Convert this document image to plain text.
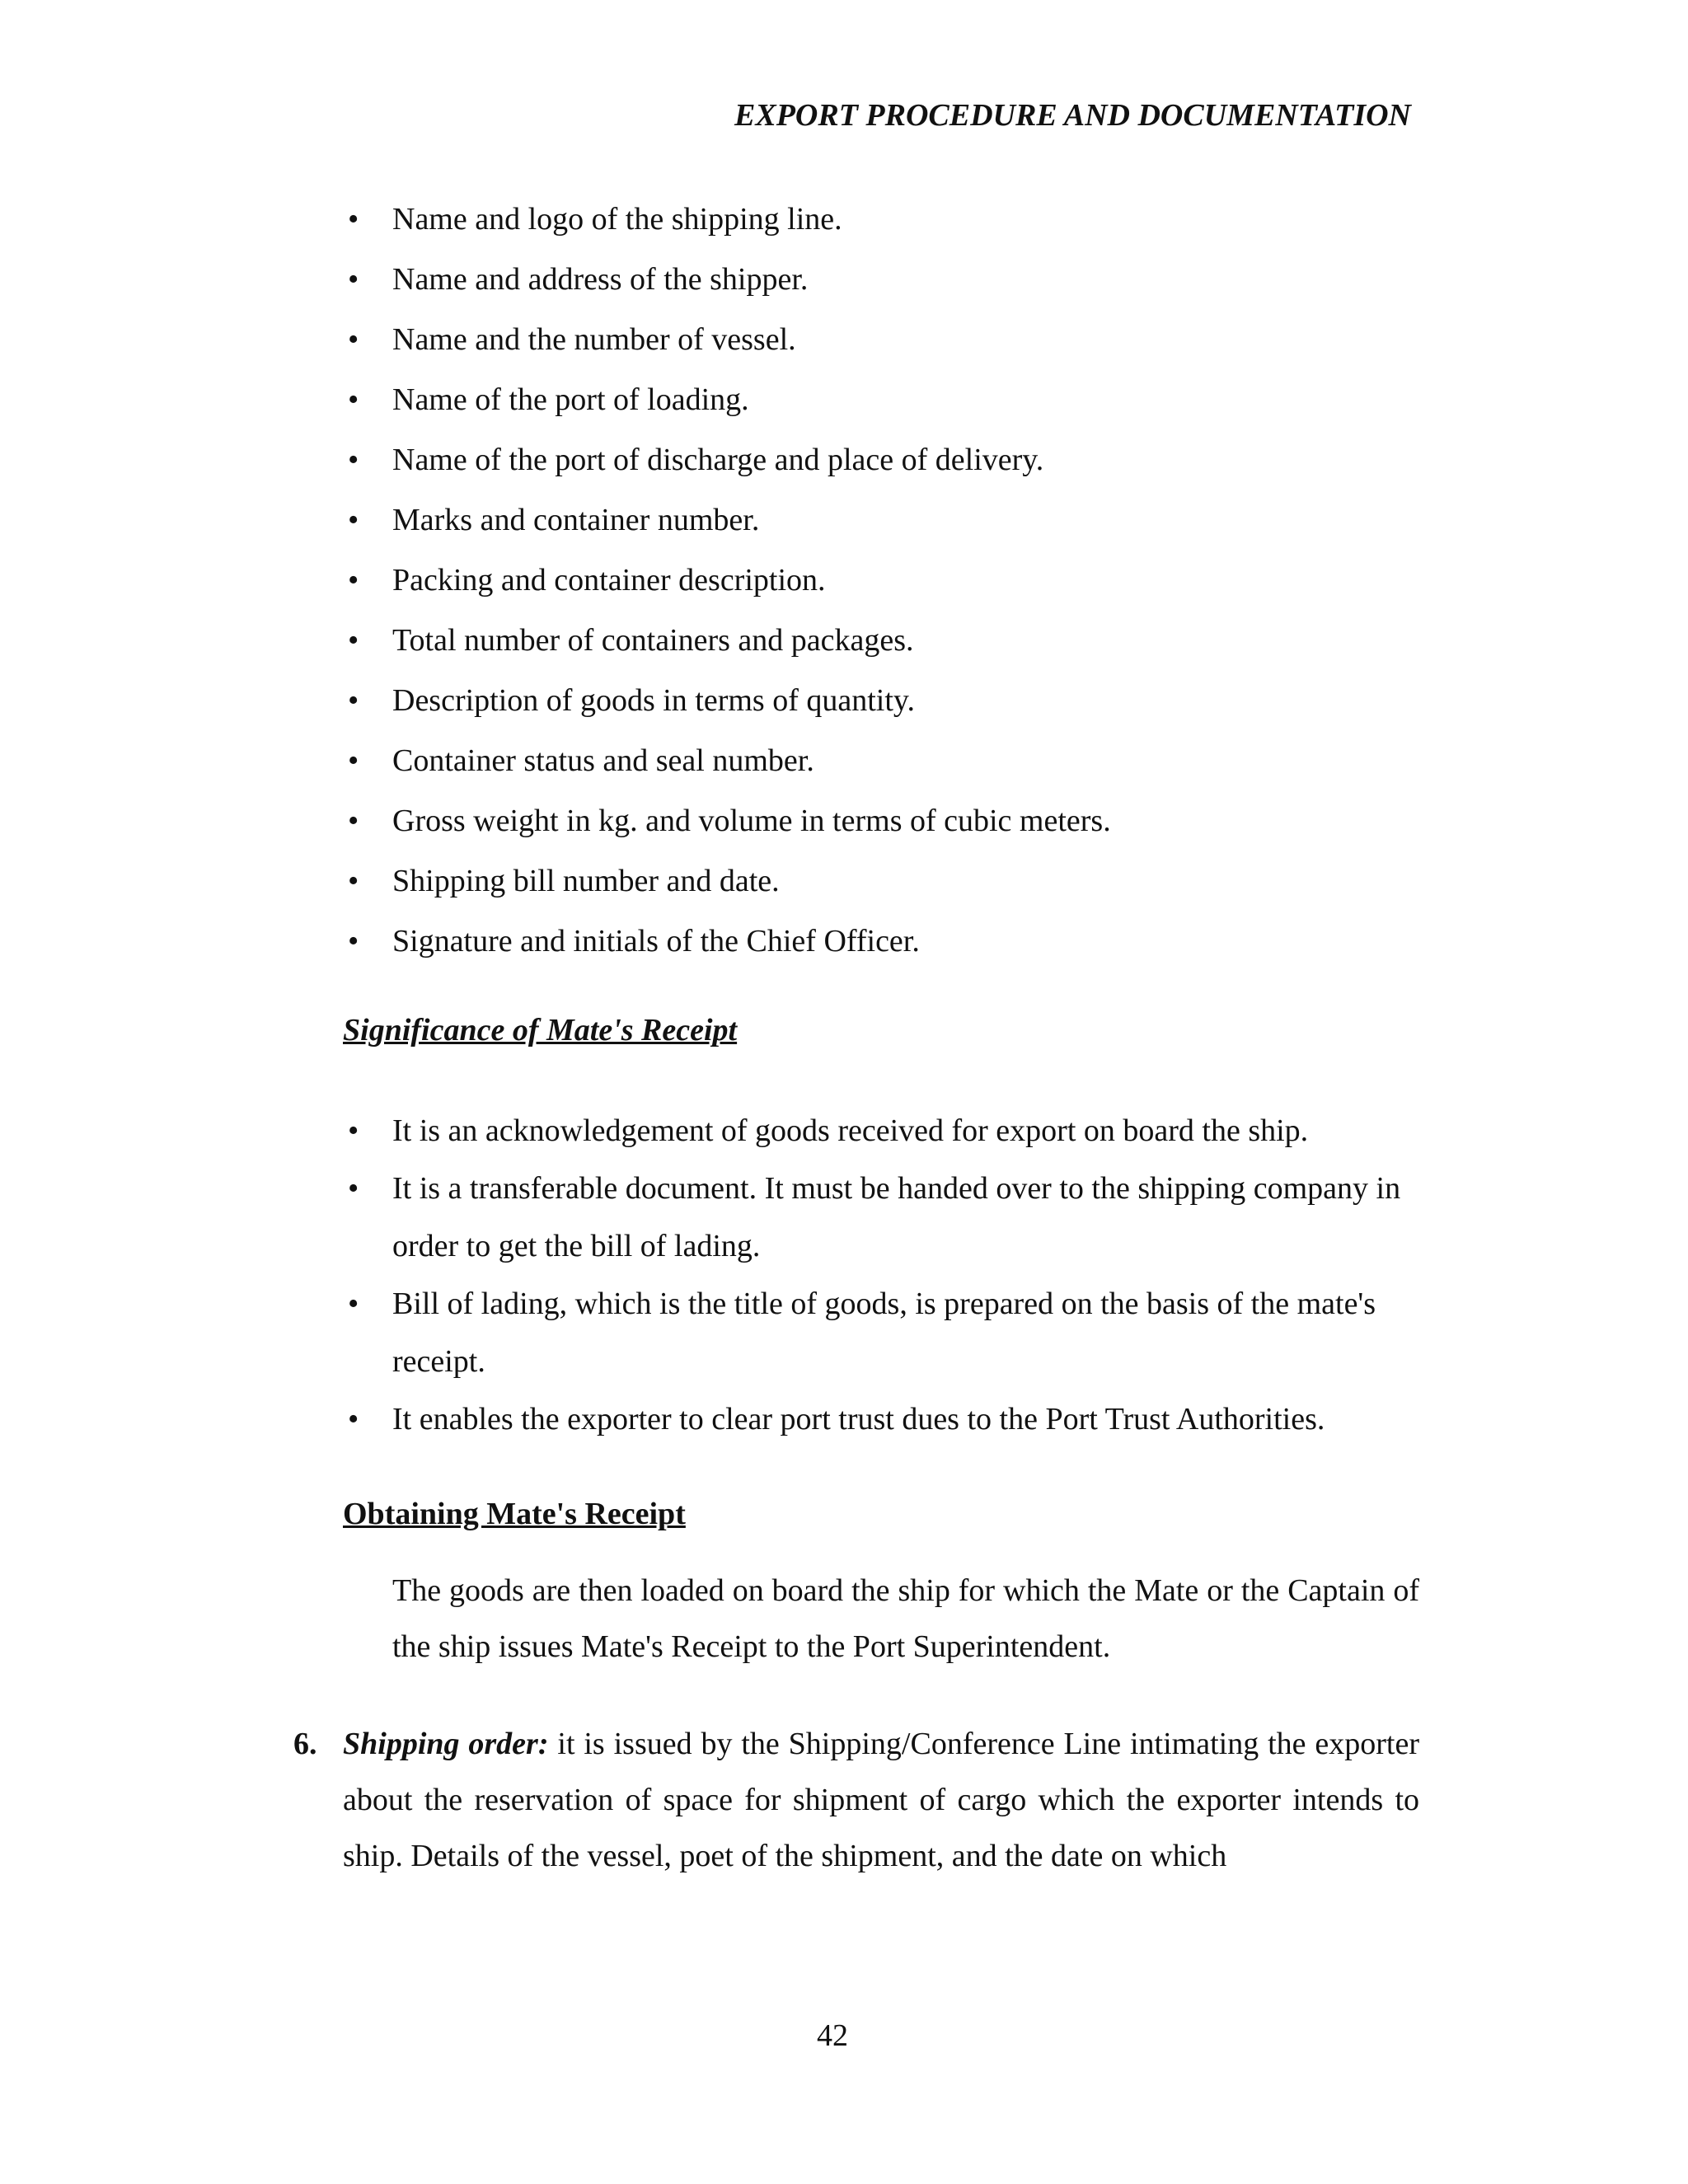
EXPORT PROCEDURE AND DOCUMENTATION

• Name and logo of the shipping line.
• Name and address of the shipper.
• Name and the number of vessel.
• Name of the port of loading.
• Name of the port of discharge and place of delivery.
• Marks and container number.
• Packing and container description.
• Total number of containers and packages.
• Description of goods in terms of quantity.
• Container status and seal number.
• Gross weight in kg. and volume in terms of cubic meters.
• Shipping bill number and date.
• Signature and initials of the Chief Officer.
Significance of Mate's Receipt
• It is an acknowledgement of goods received for export on board the ship.
• It is a transferable document. It must be handed over to the shipping company in order to get the bill of lading.
• Bill of lading, which is the title of goods, is prepared on the basis of the mate's receipt.
• It enables the exporter to clear port trust dues to the Port Trust Authorities.
Obtaining Mate's Receipt

The goods are then loaded on board the ship for which the Mate or the Captain of the ship issues Mate's Receipt to the Port Superintendent.

6. Shipping order: it is issued by the Shipping/Conference Line intimating the exporter about the reservation of space for shipment of cargo which the exporter intends to ship. Details of the vessel, poet of the shipment, and the date on which

42
